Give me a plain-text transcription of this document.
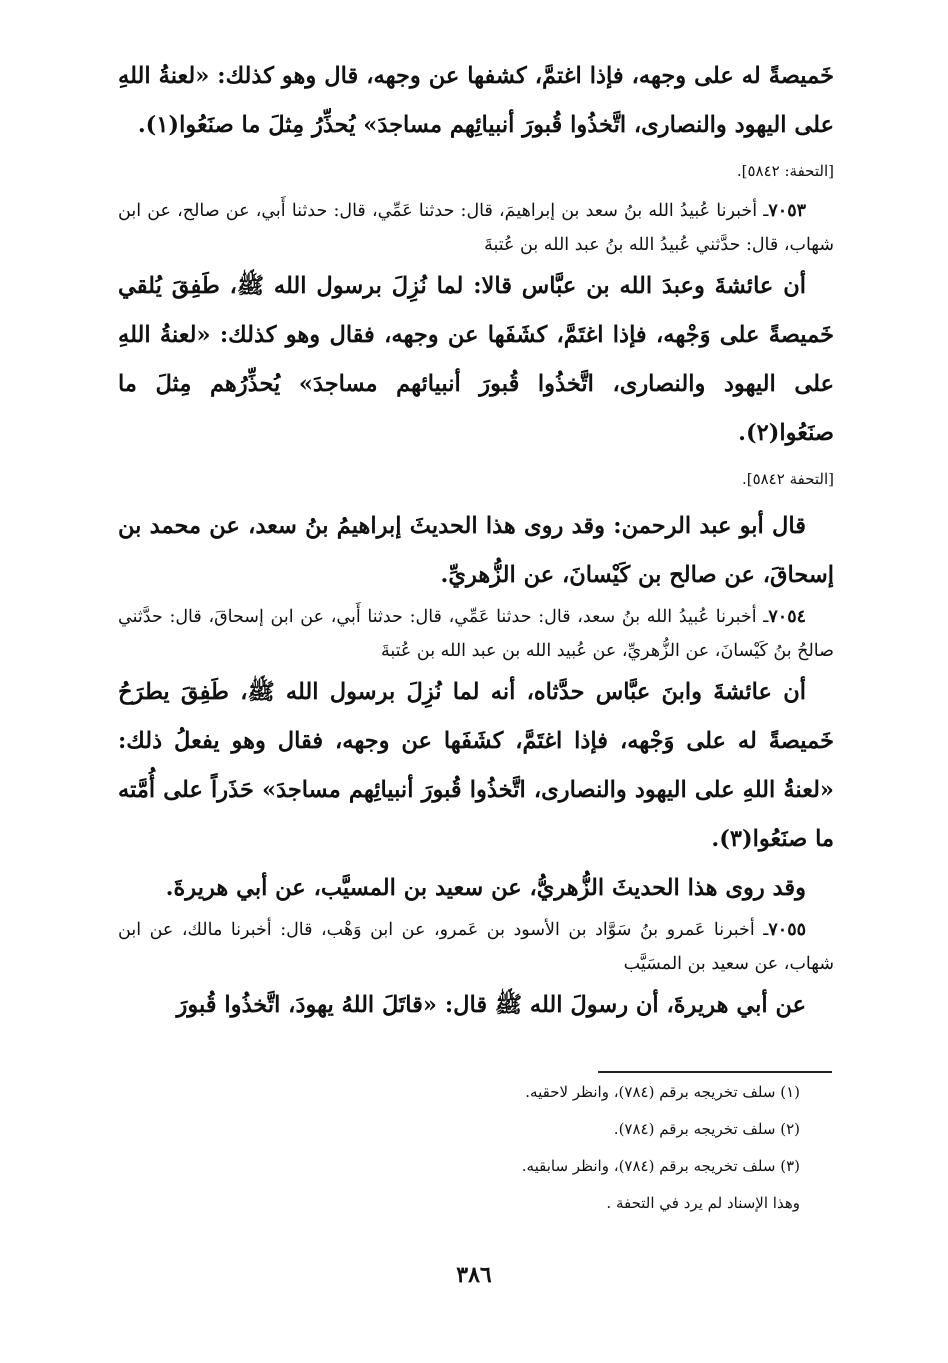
خَميصةً له على وجهه، فإذا اغتمَّ، كشفها عن وجهه، قال وهو كذلك: «لعنةُ اللهِ على اليهود والنصارى، اتَّخذُوا قُبورَ أنبيائِهم مساجدَ» يُحذِّرُ مِثلَ ما صنَعُوا(١).

[التحفة: ٥٨٤٢].

٧٠٥٣ـ أخبرنا عُبيدُ الله بنُ سعد بن إبراهيمَ، قال: حدثنا عَمِّي، قال: حدثنا أَبي، عن صالح، عن ابن شهاب، قال: حدَّثني عُبيدُ الله بنُ عبد الله بن عُتبةَ

أن عائشةَ وعبدَ الله بن عبَّاس قالا: لما نُزِلَ برسول الله ﷺ، طَفِقَ يُلقي خَميصةً على وَجْهه، فإذا اغتَمَّ، كشَفَها عن وجهه، فقال وهو كذلك: «لعنةُ اللهِ على اليهود والنصارى، اتَّخذُوا قُبورَ أنبيائهم مساجدَ» يُحذِّرُهم مِثلَ ما صنَعُوا(٢).

[التحفة ٥٨٤٢].

قال أبو عبد الرحمن: وقد روى هذا الحديثَ إبراهيمُ بنُ سعد، عن محمد بن إسحاقَ، عن صالح بن كَيْسانَ، عن الزُّهريِّ.

٧٠٥٤ـ أخبرنا عُبيدُ الله بنُ سعد، قال: حدثنا عَمِّي، قال: حدثنا أَبي، عن ابن إسحاقَ، قال: حدَّثني صالحُ بنُ كَيْسانَ، عن الزُّهريِّ، عن عُبيد الله بن عبد الله بن عُتبةَ

أن عائشةَ وابنَ عبَّاس حدَّثاه، أنه لما نُزِلَ برسول الله ﷺ، طَفِقَ يطرَحُ خَميصةً له على وَجْهه، فإذا اغتَمَّ، كشَفَها عن وجهه، فقال وهو يفعلُ ذلك: «لعنةُ اللهِ على اليهود والنصارى، اتَّخذُوا قُبورَ أنبيائِهم مساجدَ» حَذَراً على أُمَّته ما صنَعُوا(٣).

وقد روى هذا الحديثَ الزُّهريُّ، عن سعيد بن المسيَّب، عن أبي هريرةَ.

٧٠٥٥ـ أخبرنا عَمرو بنُ سَوَّاد بن الأسود بن عَمرو، عن ابن وَهْب، قال: أخبرنا مالك، عن ابن شهاب، عن سعيد بن المسَيَّب

عن أبي هريرةَ، أن رسولَ الله ﷺ قال: «قاتَلَ اللهُ يهودَ، اتَّخذُوا قُبورَ

(١) سلف تخريجه برقم (٧٨٤)، وانظر لاحقيه.

(٢) سلف تخريجه برقم (٧٨٤).

(٣) سلف تخريجه برقم (٧٨٤)، وانظر سابقيه.

وهذا الإسناد لم يرد في التحفة .

٣٨٦
